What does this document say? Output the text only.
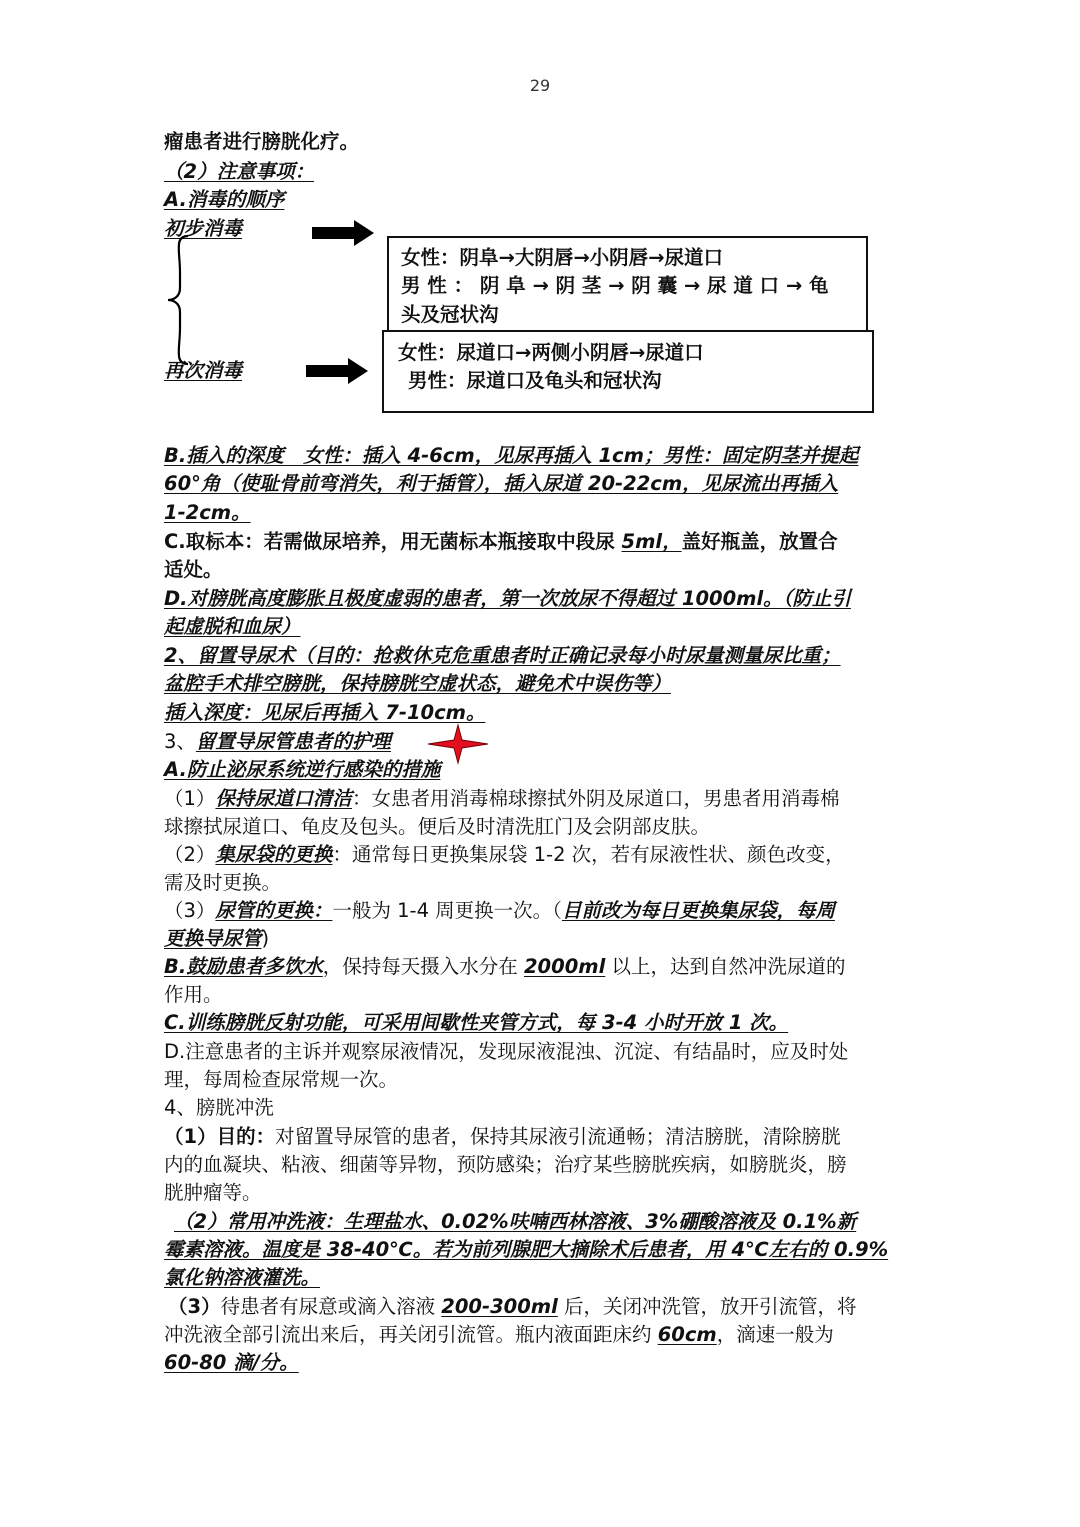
29
瘤患者进行膀胱化疗。
（2）注意事项：
A.消毒的顺序
初步消毒
女性：阴阜→大阴唇→小阴唇→尿道口
男 性 ： 阴 阜 → 阴 茎 → 阴 囊 → 尿 道 口 → 龟
头及冠状沟
再次消毒
女性：尿道口→两侧小阴唇→尿道口
男性：尿道口及龟头和冠状沟
B.插入的深度　女性：插入 4-6cm，见尿再插入 1cm；男性：固定阴茎并提起
60°角（使耻骨前弯消失，利于插管），插入尿道 20-22cm，见尿流出再插入
1-2cm。
C.取标本：若需做尿培养，用无菌标本瓶接取中段尿 5ml，盖好瓶盖，放置合
适处。
D.对膀胱高度膨胀且极度虚弱的患者，第一次放尿不得超过 1000ml。（防止引
起虚脱和血尿）
2、留置导尿术（目的：抢救休克危重患者时正确记录每小时尿量测量尿比重；
盆腔手术排空膀胱，保持膀胱空虚状态，避免术中误伤等）
插入深度：见尿后再插入 7-10cm。
3、留置导尿管患者的护理
A.防止泌尿系统逆行感染的措施
（1）保持尿道口清洁：女患者用消毒棉球擦拭外阴及尿道口，男患者用消毒棉
球擦拭尿道口、龟皮及包头。便后及时清洗肛门及会阴部皮肤。
（2）集尿袋的更换：通常每日更换集尿袋 1-2 次，若有尿液性状、颜色改变，
需及时更换。
（3）尿管的更换：一般为 1-4 周更换一次。（目前改为每日更换集尿袋，每周
更换导尿管)
B.鼓励患者多饮水，保持每天摄入水分在 2000ml 以上，达到自然冲洗尿道的
作用。
C.训练膀胱反射功能，可采用间歇性夹管方式，每 3-4 小时开放 1 次。
D.注意患者的主诉并观察尿液情况，发现尿液混浊、沉淀、有结晶时，应及时处
理，每周检查尿常规一次。
4、膀胱冲洗
（1）目的：对留置导尿管的患者，保持其尿液引流通畅；清洁膀胱，清除膀胱
内的血凝块、粘液、细菌等异物，预防感染；治疗某些膀胱疾病，如膀胱炎，膀
胱肿瘤等。
（2）常用冲洗液：生理盐水、0.02%呋喃西林溶液、3%硼酸溶液及 0.1%新
霉素溶液。温度是 38-40℃。若为前列腺肥大摘除术后患者，用 4℃左右的 0.9%
氯化钠溶液灌洗。
（3）待患者有尿意或滴入溶液 200-300ml 后，关闭冲洗管，放开引流管，将
冲洗液全部引流出来后，再关闭引流管。瓶内液面距床约 60cm，滴速一般为
60-80 滴/分。
